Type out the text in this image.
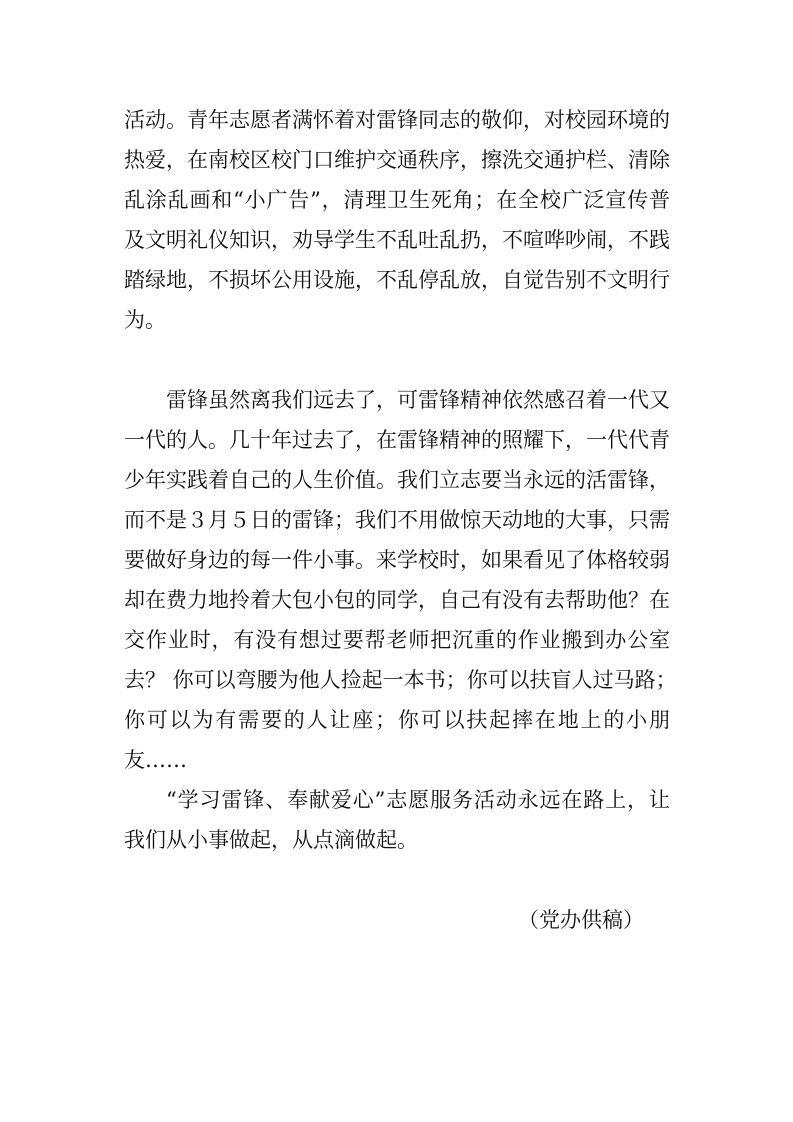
活动。青年志愿者满怀着对雷锋同志的敬仰，对校园环境的
热爱，在南校区校门口维护交通秩序，擦洗交通护栏、清除
乱涂乱画和“小广告”，清理卫生死角；在全校广泛宣传普
及文明礼仪知识，劝导学生不乱吐乱扔，不喧哗吵闹，不践
踏绿地，不损坏公用设施，不乱停乱放，自觉告别不文明行
为。
雷锋虽然离我们远去了，可雷锋精神依然感召着一代又
一代的人。几十年过去了，在雷锋精神的照耀下，一代代青
少年实践着自己的人生价值。我们立志要当永远的活雷锋，
而不是３月５日的雷锋；我们不用做惊天动地的大事，只需
要做好身边的每一件小事。来学校时，如果看见了体格较弱
却在费力地拎着大包小包的同学，自己有没有去帮助他？在
交作业时，有没有想过要帮老师把沉重的作业搬到办公室
去？ 你可以弯腰为他人捡起一本书；你可以扶盲人过马路；
你可以为有需要的人让座；你可以扶起摔在地上的小朋
友……
“学习雷锋、奉献爱心”志愿服务活动永远在路上，让
我们从小事做起，从点滴做起。
（党办供稿）
